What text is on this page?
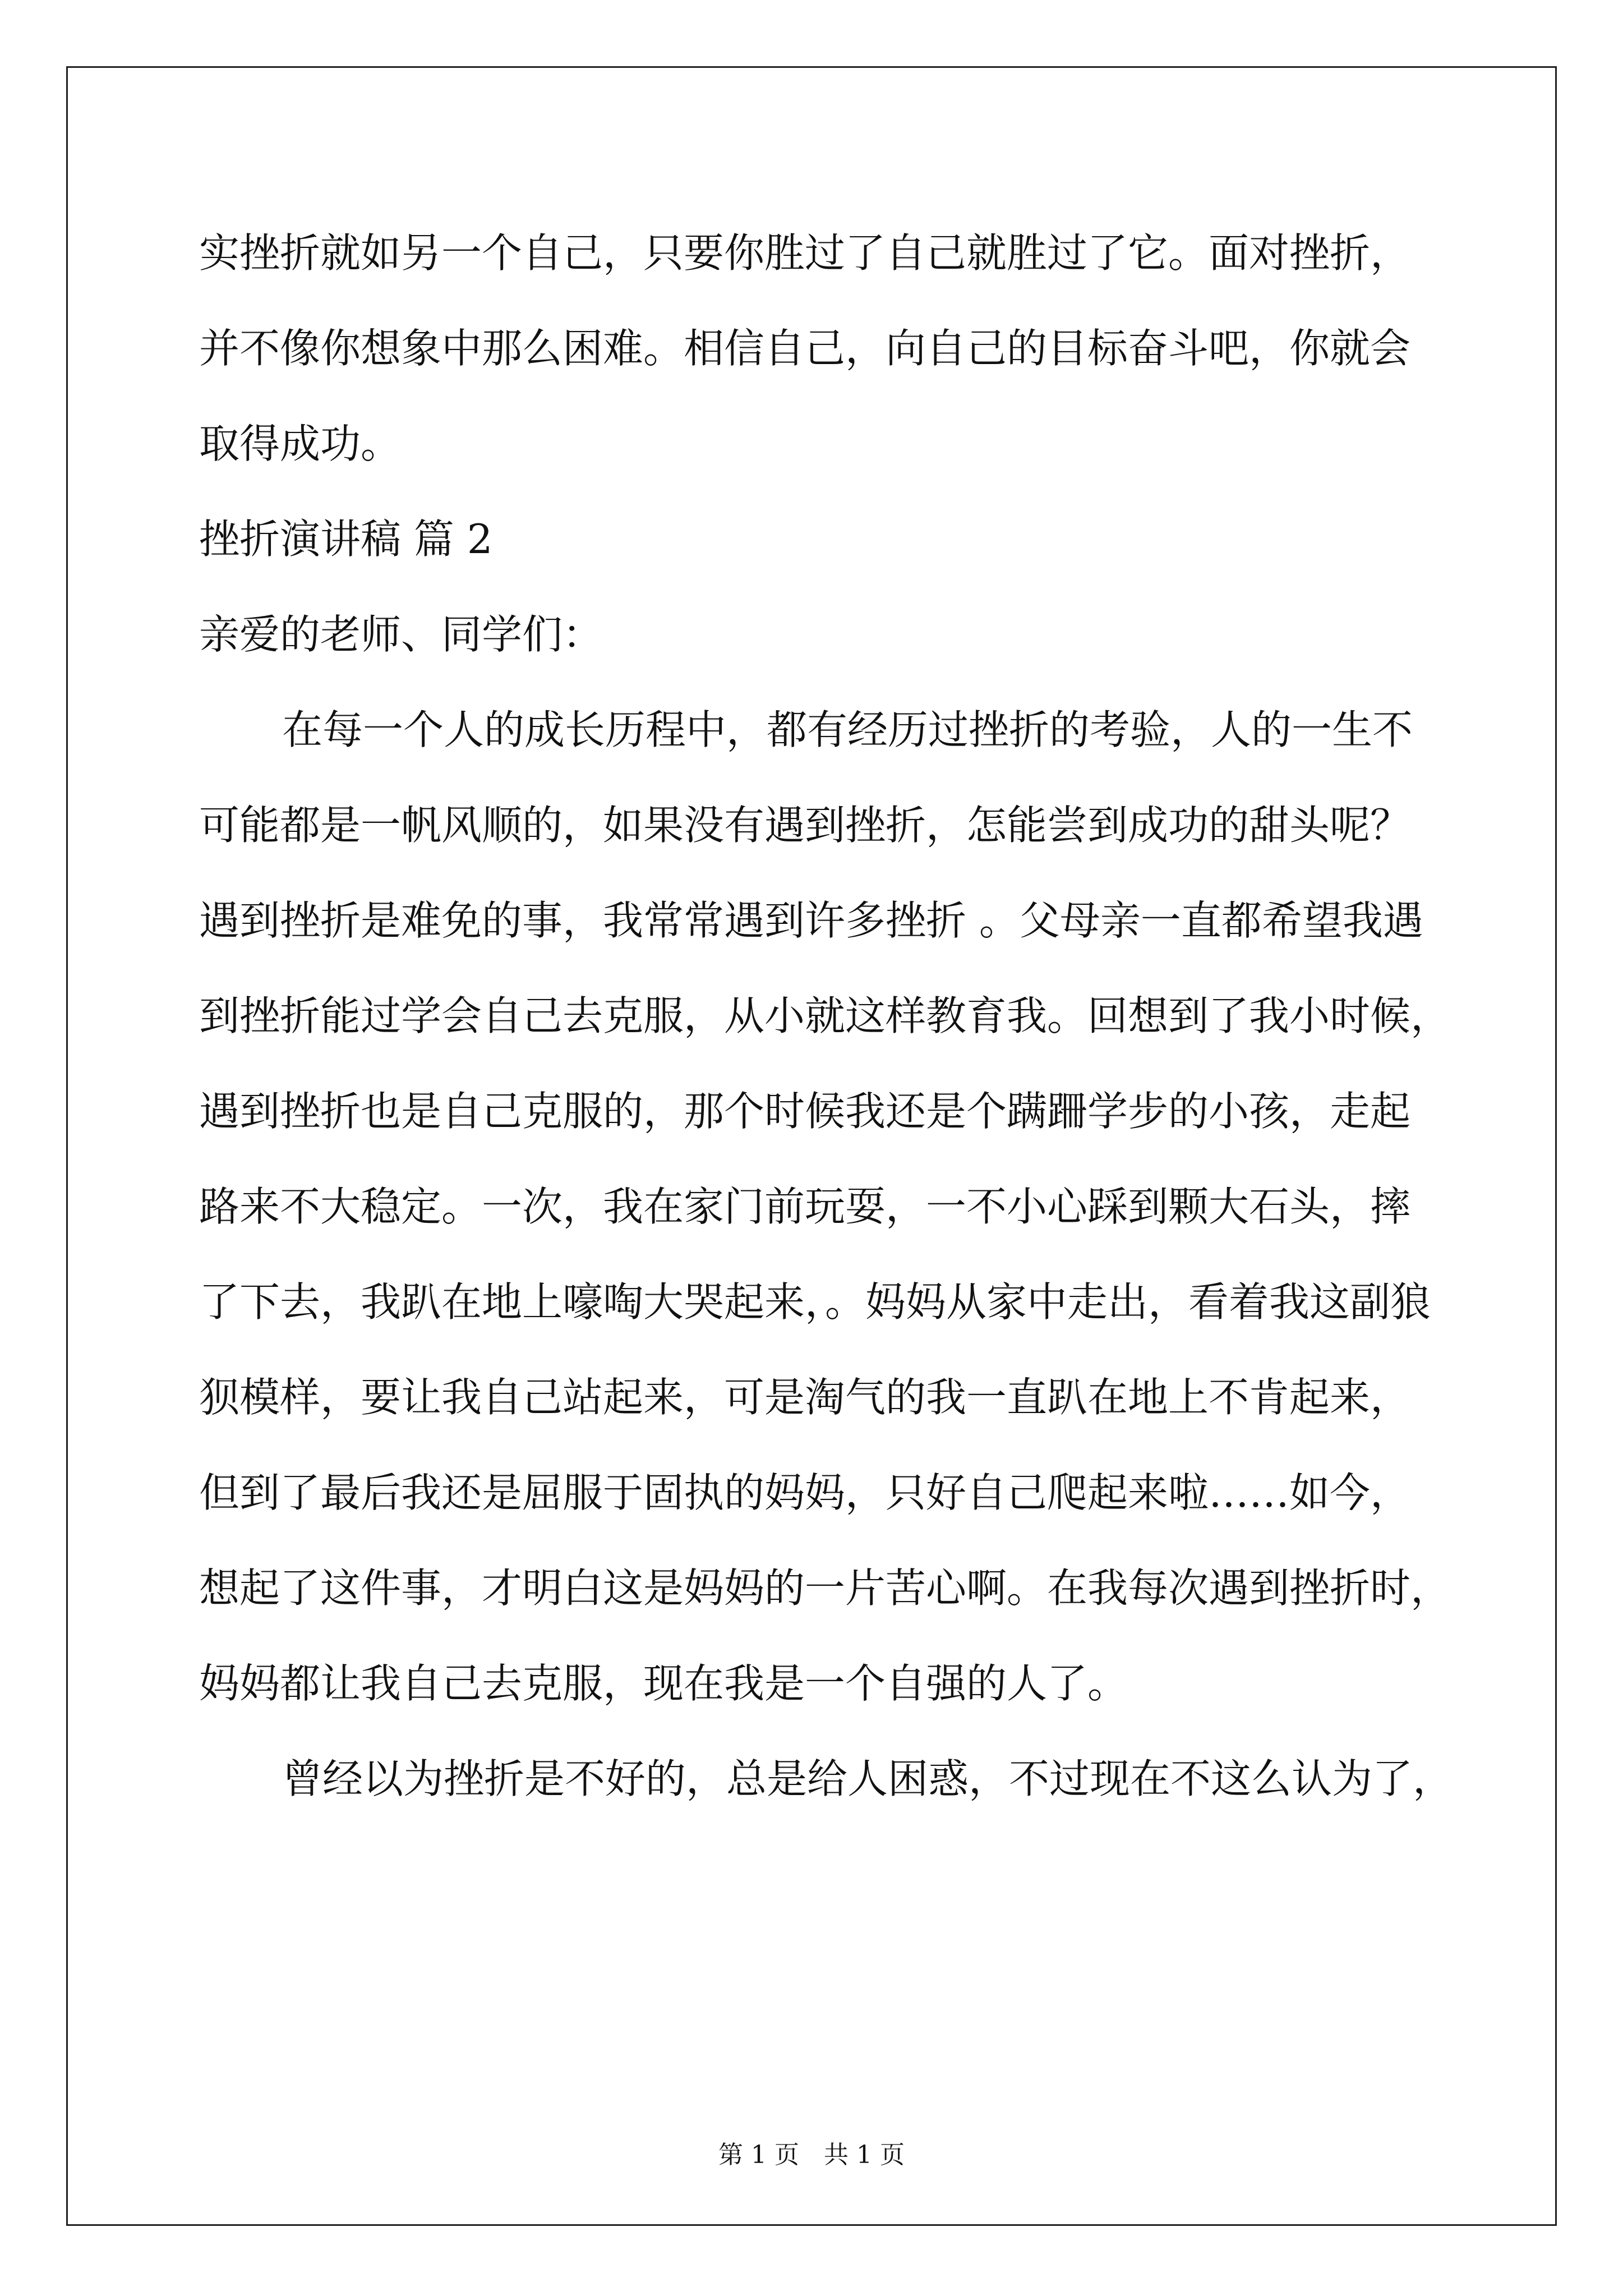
实挫折就如另一个自己，只要你胜过了自己就胜过了它。面对挫折，
并不像你想象中那么困难。相信自己，向自己的目标奋斗吧，你就会
取得成功。
挫折演讲稿 篇 2
亲爱的老师、同学们：
在每一个人的成长历程中，都有经历过挫折的考验，人的一生不
可能都是一帆风顺的，如果没有遇到挫折，怎能尝到成功的甜头呢？
遇到挫折是难免的事，我常常遇到许多挫折 。父母亲一直都希望我遇
到挫折能过学会自己去克服，从小就这样教育我。回想到了我小时候，
遇到挫折也是自己克服的，那个时候我还是个蹒跚学步的小孩，走起
路来不大稳定。一次，我在家门前玩耍，一不小心踩到颗大石头，摔
了下去，我趴在地上嚎啕大哭起来，。妈妈从家中走出，看着我这副狼
狈模样，要让我自己站起来，可是淘气的我一直趴在地上不肯起来，
但到了最后我还是屈服于固执的妈妈，只好自己爬起来啦……如今，
想起了这件事，才明白这是妈妈的一片苦心啊。在我每次遇到挫折时，
妈妈都让我自己去克服，现在我是一个自强的人了。
曾经以为挫折是不好的，总是给人困惑，不过现在不这么认为了，
第 1 页　共 1 页
